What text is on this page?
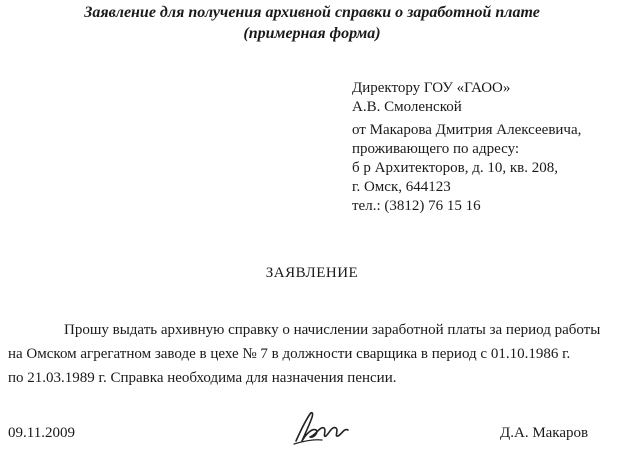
Заявление для получения архивной справки о заработной плате
(примерная форма)
Директору ГОУ «ГАОО»
А.В. Смоленской
от Макарова Дмитрия Алексеевича,
проживающего по адресу:
б р Архитекторов, д. 10, кв. 208,
г. Омск, 644123
тел.: (3812) 76 15 16
ЗАЯВЛЕНИЕ
Прошу выдать архивную справку о начислении заработной платы за период работы
на Омском агрегатном заводе в цехе № 7 в должности сварщика в период с 01.10.1986 г.
по 21.03.1989 г. Справка необходима для назначения пенсии.
09.11.2009	Д.А. Макаров
